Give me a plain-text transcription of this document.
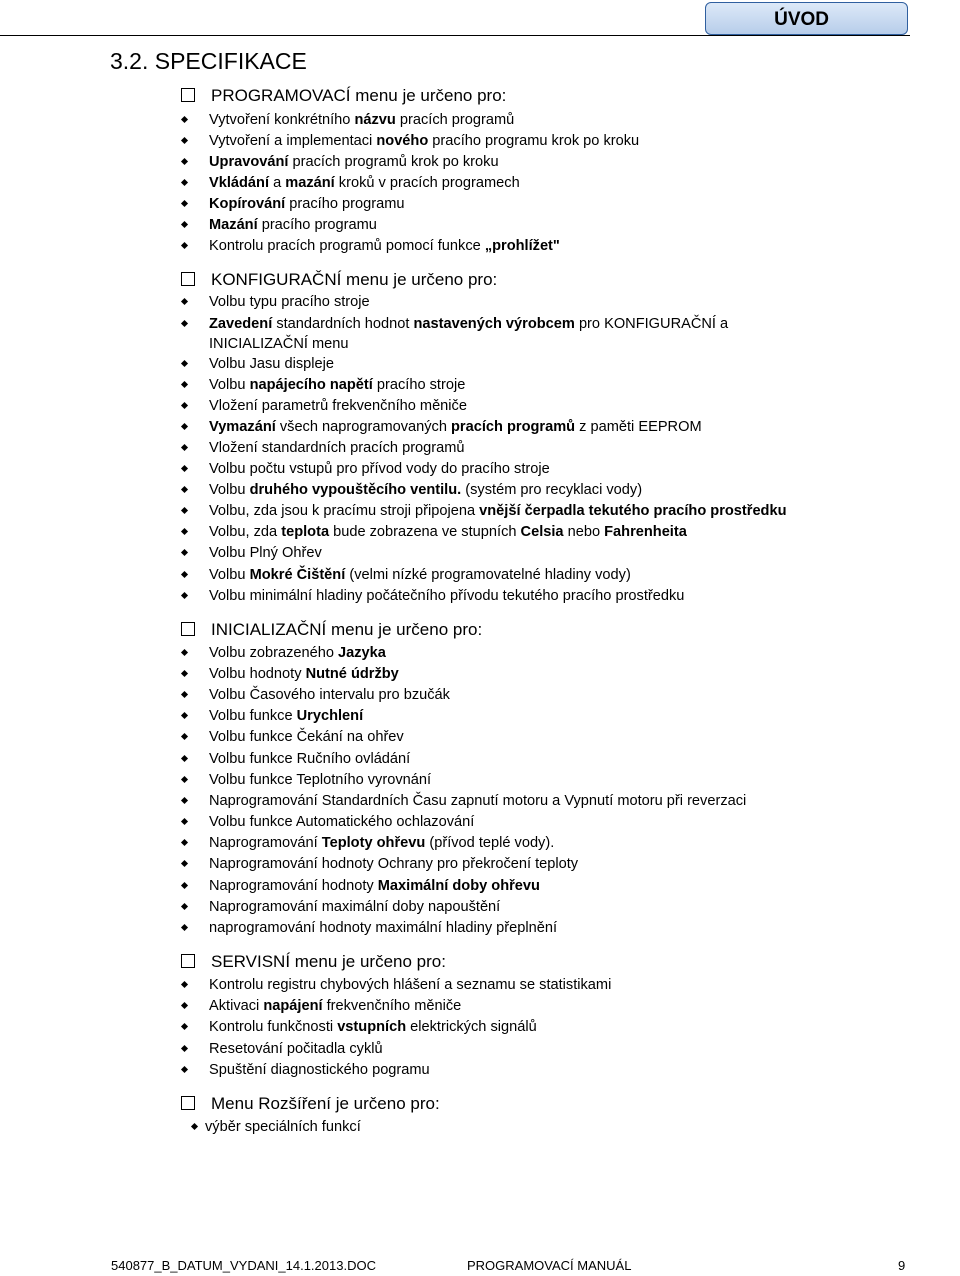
ÚVOD
3.2. SPECIFIKACE
PROGRAMOVACÍ menu je určeno pro:
Vytvoření konkrétního názvu pracích programů
Vytvoření a implementaci nového pracího programu krok po kroku
Upravování pracích programů krok po kroku
Vkládání a mazání kroků v pracích programech
Kopírování pracího programu
Mazání pracího programu
Kontrolu pracích programů pomocí funkce „prohlížet"
KONFIGURAČNÍ menu je určeno pro:
Volbu typu pracího stroje
Zavedení standardních hodnot nastavených výrobcem pro KONFIGURAČNÍ a
INICIALIZAČNÍ menu
Volbu Jasu displeje
Volbu napájecího napětí pracího stroje
Vložení parametrů frekvenčního měniče
Vymazání všech naprogramovaných pracích programů z paměti EEPROM
Vložení standardních pracích programů
Volbu počtu vstupů pro přívod vody do pracího stroje
Volbu druhého vypouštěcího ventilu. (systém pro recyklaci vody)
Volbu, zda jsou k pracímu stroji připojena vnější čerpadla tekutého pracího prostředku
Volbu, zda teplota bude zobrazena ve stupních Celsia nebo Fahrenheita
Volbu Plný Ohřev
Volbu Mokré Čištění (velmi nízké programovatelné hladiny vody)
Volbu minimální hladiny počátečního přívodu tekutého pracího prostředku
INICIALIZAČNÍ menu je určeno pro:
Volbu zobrazeného Jazyka
Volbu hodnoty Nutné údržby
Volbu Časového intervalu pro bzučák
Volbu funkce Urychlení
Volbu funkce Čekání na ohřev
Volbu funkce Ručního ovládání
Volbu funkce Teplotního vyrovnání
Naprogramování Standardních Času zapnutí motoru a Vypnutí motoru při reverzaci
Volbu funkce Automatického ochlazování
Naprogramování Teploty ohřevu (přívod teplé vody).
Naprogramování hodnoty Ochrany pro překročení teploty
Naprogramování hodnoty Maximální doby ohřevu
Naprogramování maximální doby napouštění
naprogramování hodnoty maximální hladiny přeplnění
SERVISNÍ menu je určeno pro:
Kontrolu registru chybových hlášení a seznamu se statistikami
Aktivaci napájení frekvenčního měniče
Kontrolu funkčnosti vstupních elektrických signálů
Resetování počitadla cyklů
Spuštění diagnostického pogramu
Menu Rozšíření je určeno pro:
výběr speciálních funkcí
540877_B_DATUM_VYDANI_14.1.2013.DOC	PROGRAMOVACÍ MANUÁL	9
